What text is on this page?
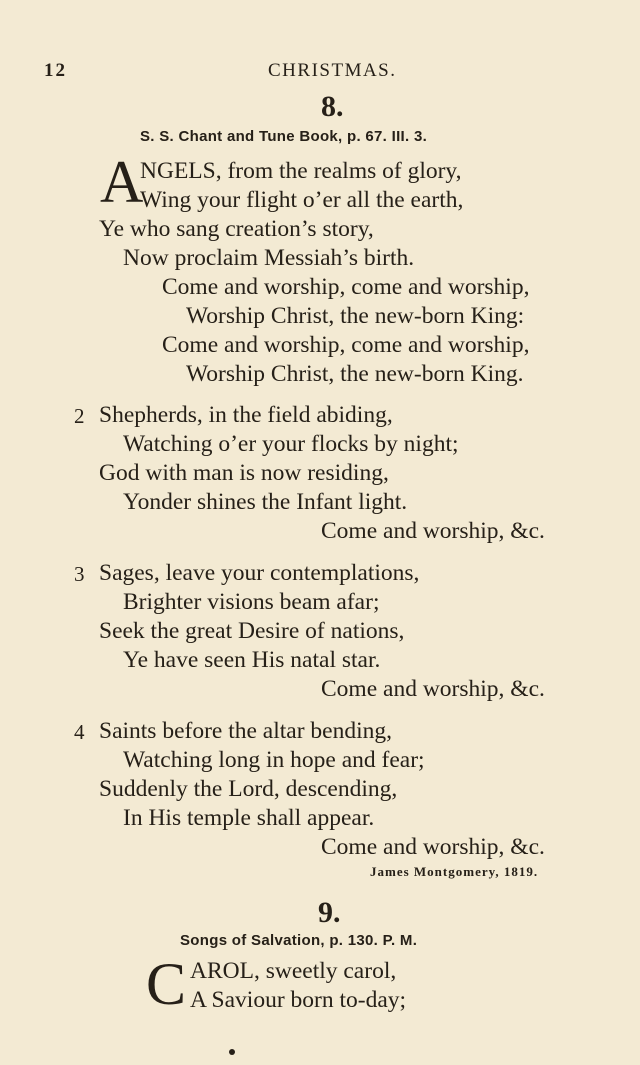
12	CHRISTMAS.
8.
S. S. Chant and Tune Book, p. 67. III. 3.
A
NGELS, from the realms of glory,
Wing your flight o’er all the earth,
Ye who sang creation’s story,
Now proclaim Messiah’s birth.
Come and worship, come and worship,
Worship Christ, the new-born King:
Come and worship, come and worship,
Worship Christ, the new-born King.
2 Shepherds, in the field abiding,
Watching o’er your flocks by night;
God with man is now residing,
Yonder shines the Infant light.
Come and worship, &c.
3 Sages, leave your contemplations,
Brighter visions beam afar;
Seek the great Desire of nations,
Ye have seen His natal star.
Come and worship, &c.
4 Saints before the altar bending,
Watching long in hope and fear;
Suddenly the Lord, descending,
In His temple shall appear.
Come and worship, &c.
James Montgomery, 1819.
9.
Songs of Salvation, p. 130. P. M.
C AROL, sweetly carol,
A Saviour born to-day;
